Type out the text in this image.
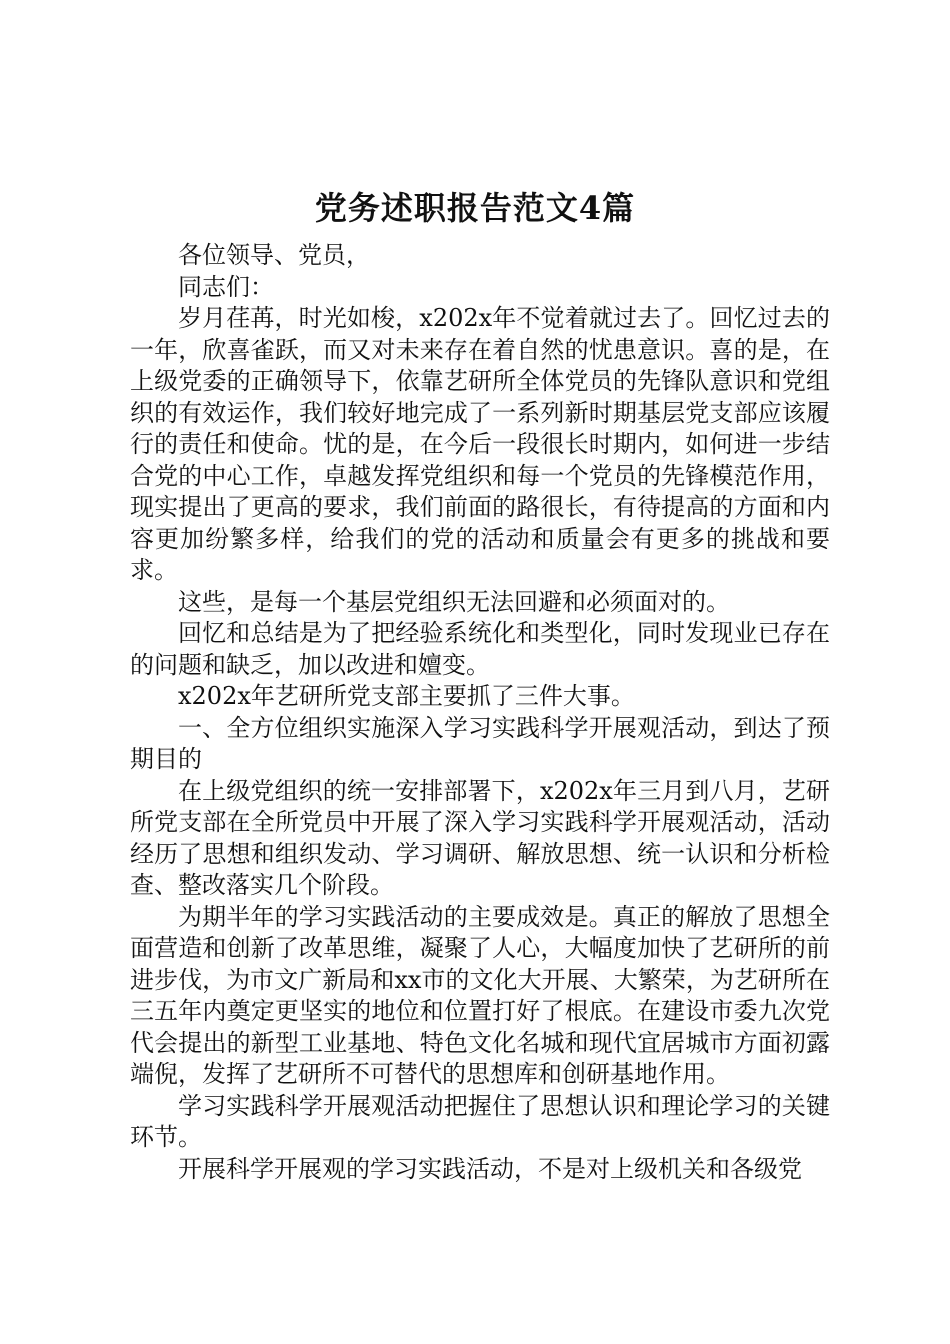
党务述职报告范文4篇

各位领导、党员，

同志们：

岁月荏苒，时光如梭，x202x年不觉着就过去了。回忆过去的一年，欣喜雀跃，而又对未来存在着自然的忧患意识。喜的是，在上级党委的正确领导下，依靠艺研所全体党员的先锋队意识和党组织的有效运作，我们较好地完成了一系列新时期基层党支部应该履行的责任和使命。忧的是，在今后一段很长时期内，如何进一步结合党的中心工作，卓越发挥党组织和每一个党员的先锋模范作用，现实提出了更高的要求，我们前面的路很长，有待提高的方面和内容更加纷繁多样，给我们的党的活动和质量会有更多的挑战和要求。

这些，是每一个基层党组织无法回避和必须面对的。

回忆和总结是为了把经验系统化和类型化，同时发现业已存在的问题和缺乏，加以改进和嬗变。

x202x年艺研所党支部主要抓了三件大事。

一、全方位组织实施深入学习实践科学开展观活动，到达了预期目的

在上级党组织的统一安排部署下，x202x年三月到八月，艺研所党支部在全所党员中开展了深入学习实践科学开展观活动，活动经历了思想和组织发动、学习调研、解放思想、统一认识和分析检查、整改落实几个阶段。

为期半年的学习实践活动的主要成效是。真正的解放了思想全面营造和创新了改革思维，凝聚了人心，大幅度加快了艺研所的前进步伐，为市文广新局和xx市的文化大开展、大繁荣，为艺研所在三五年内奠定更坚实的地位和位置打好了根底。在建设市委九次党代会提出的新型工业基地、特色文化名城和现代宜居城市方面初露端倪，发挥了艺研所不可替代的思想库和创研基地作用。

学习实践科学开展观活动把握住了思想认识和理论学习的关键环节。

开展科学开展观的学习实践活动，不是对上级机关和各级党
